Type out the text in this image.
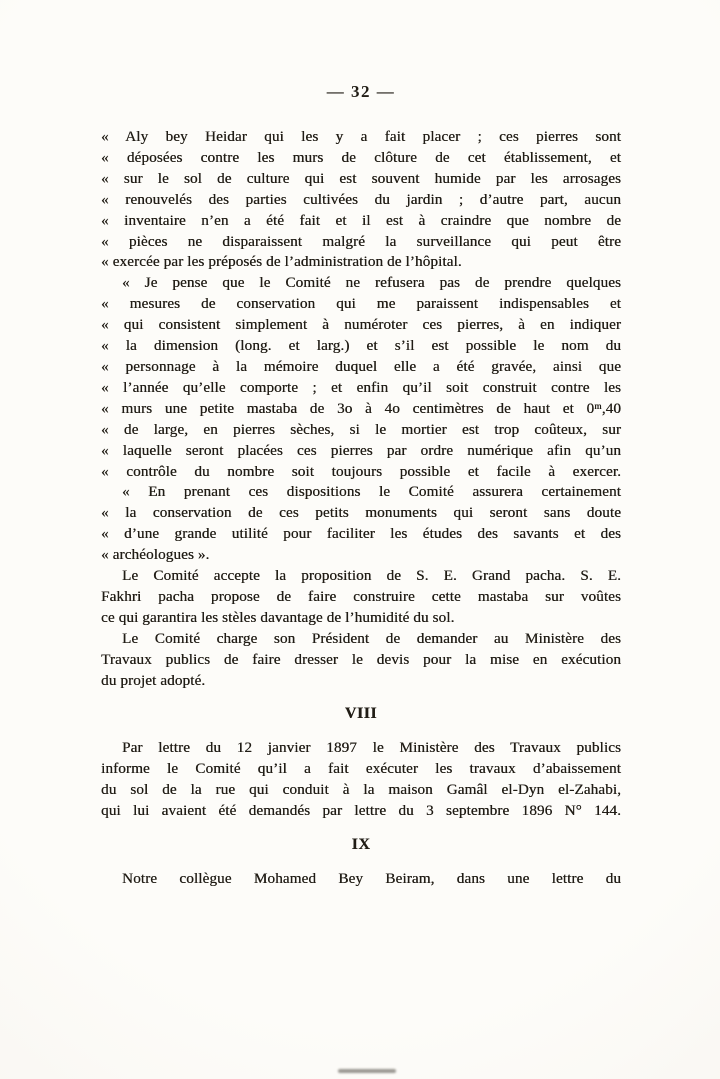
— 32 —
« Aly bey Heidar qui les y a fait placer ; ces pierres sont
« déposées contre les murs de clôture de cet établissement, et
« sur le sol de culture qui est souvent humide par les arrosages
« renouvelés des parties cultivées du jardin ; d’autre part, aucun
« inventaire n’en a été fait et il est à craindre que nombre de
« pièces ne disparaissent malgré la surveillance qui peut être
« exercée par les préposés de l’administration de l’hôpital.
« Je pense que le Comité ne refusera pas de prendre quelques
« mesures de conservation qui me paraissent indispensables et
« qui consistent simplement à numéroter ces pierres, à en indiquer
« la dimension (long. et larg.) et s’il est possible le nom du
« personnage à la mémoire duquel elle a été gravée, ainsi que
« l’année qu’elle comporte ; et enfin qu’il soit construit contre les
« murs une petite mastaba de 3o à 4o centimètres de haut et 0ᵐ,40
« de large, en pierres sèches, si le mortier est trop coûteux, sur
« laquelle seront placées ces pierres par ordre numérique afin qu’un
« contrôle du nombre soit toujours possible et facile à exercer.
« En prenant ces dispositions le Comité assurera certainement
« la conservation de ces petits monuments qui seront sans doute
« d’une grande utilité pour faciliter les études des savants et des
« archéologues ».
Le Comité accepte la proposition de S. E. Grand pacha. S. E.
Fakhri pacha propose de faire construire cette mastaba sur voûtes
ce qui garantira les stèles davantage de l’humidité du sol.
Le Comité charge son Président de demander au Ministère des
Travaux publics de faire dresser le devis pour la mise en exécution
du projet adopté.
VIII
Par lettre du 12 janvier 1897 le Ministère des Travaux publics
informe le Comité qu’il a fait exécuter les travaux d’abaissement
du sol de la rue qui conduit à la maison Gamâl el-Dyn el-Zahabi,
qui lui avaient été demandés par lettre du 3 septembre 1896 N° 144.
IX
Notre collègue Mohamed Bey Beiram, dans une lettre du
